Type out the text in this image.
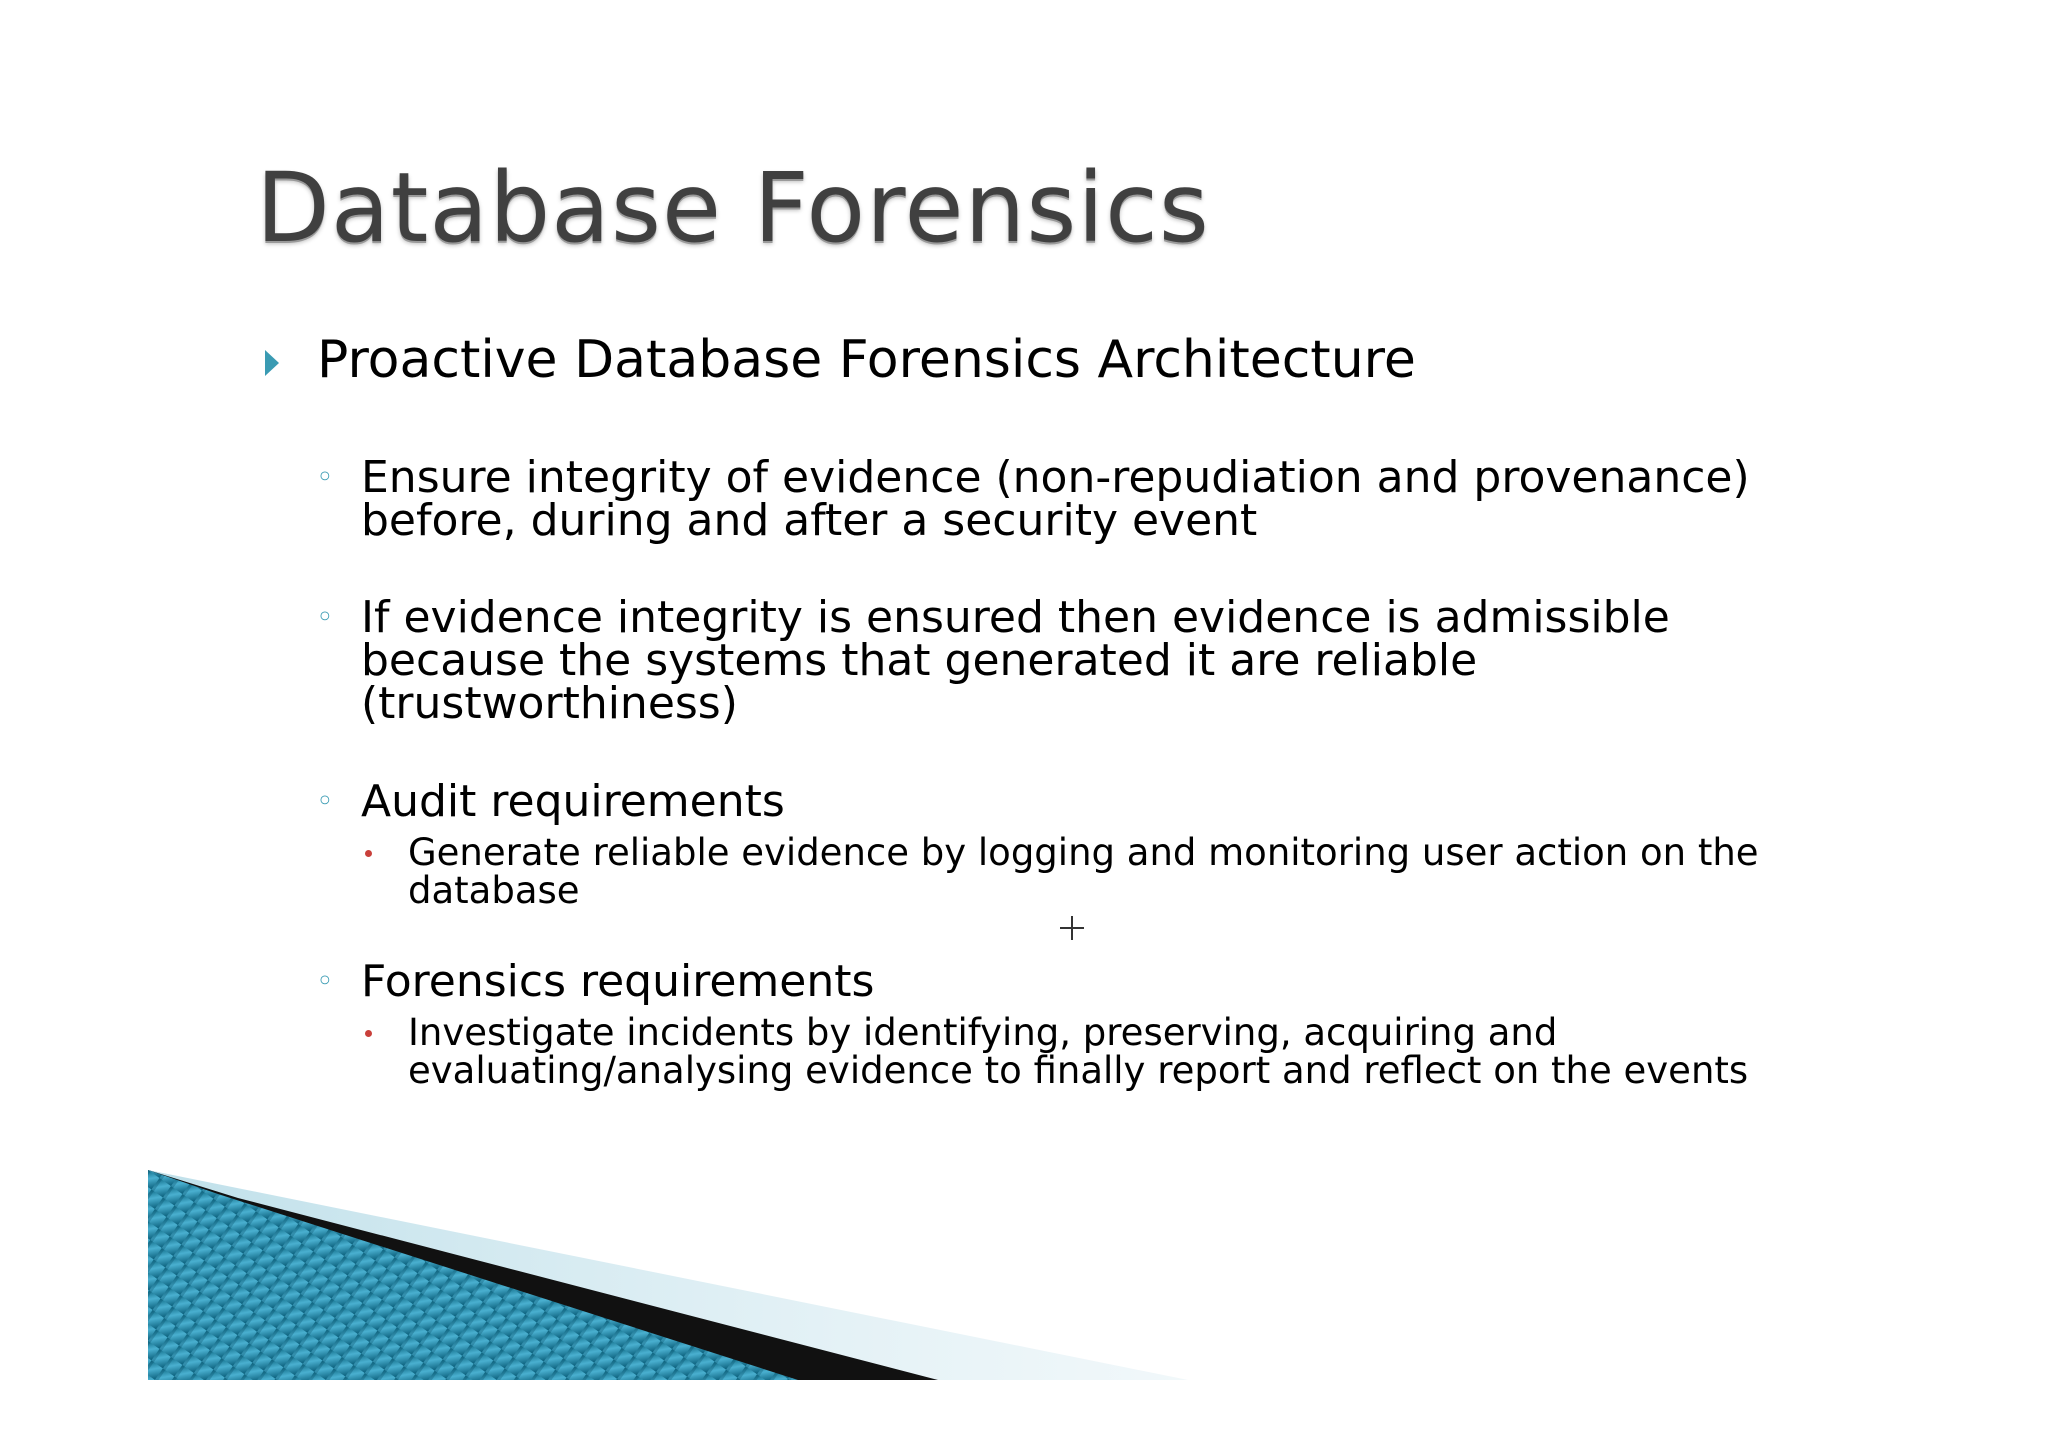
Database Forensics
Proactive Database Forensics Architecture
◦ Ensure integrity of evidence (non-repudiation and provenance)
before, during and after a security event
◦ If evidence integrity is ensured then evidence is admissible
because the systems that generated it are reliable
(trustworthiness)
◦ Audit requirements
Generate reliable evidence by logging and monitoring user action on the
database
◦ Forensics requirements
Investigate incidents by identifying, preserving, acquiring and
evaluating/analysing evidence to finally report and reflect on the events
